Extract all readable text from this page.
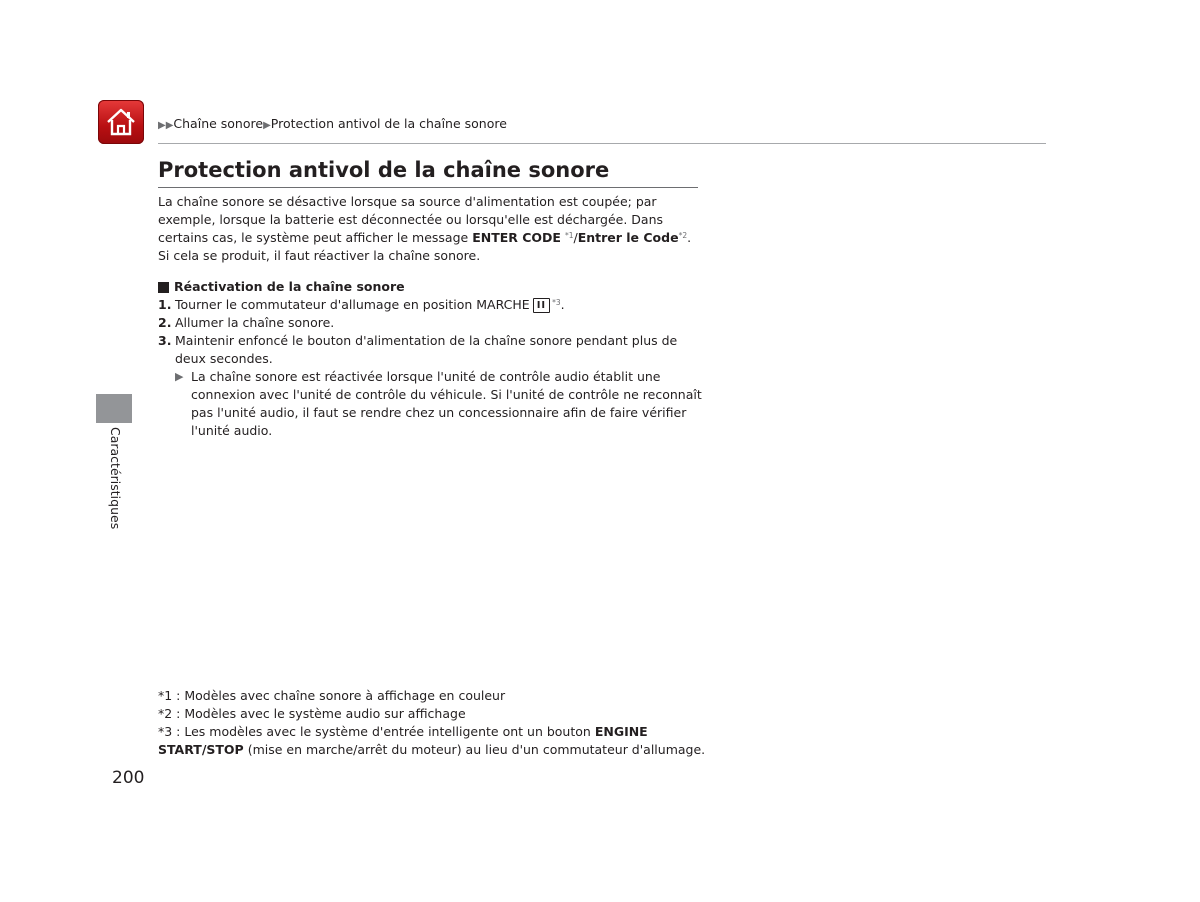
▶▶Chaîne sonore▶Protection antivol de la chaîne sonore
Protection antivol de la chaîne sonore

La chaîne sonore se désactive lorsque sa source d'alimentation est coupée; par exemple, lorsque la batterie est déconnectée ou lorsqu'elle est déchargée. Dans certains cas, le système peut afficher le message ENTER CODE $^{*1}$/Entrer le Code$^{*2}$. Si cela se produit, il faut réactiver la chaîne sonore.

Réactivation de la chaîne sonore
1. Tourner le commutateur d'allumage en position MARCHE II $^{*3}$.
2. Allumer la chaîne sonore.
3. Maintenir enfoncé le bouton d'alimentation de la chaîne sonore pendant plus de deux secondes.
▶ La chaîne sonore est réactivée lorsque l'unité de contrôle audio établit une connexion avec l'unité de contrôle du véhicule. Si l'unité de contrôle ne reconnaît pas l'unité audio, il faut se rendre chez un concessionnaire afin de faire vérifier l'unité audio.
Caractéristiques

*1 : Modèles avec chaîne sonore à affichage en couleur

*2 : Modèles avec le système audio sur affichage

*3 : Les modèles avec le système d'entrée intelligente ont un bouton ENGINE START/STOP (mise en marche/arrêt du moteur) au lieu d'un commutateur d'allumage.

200
